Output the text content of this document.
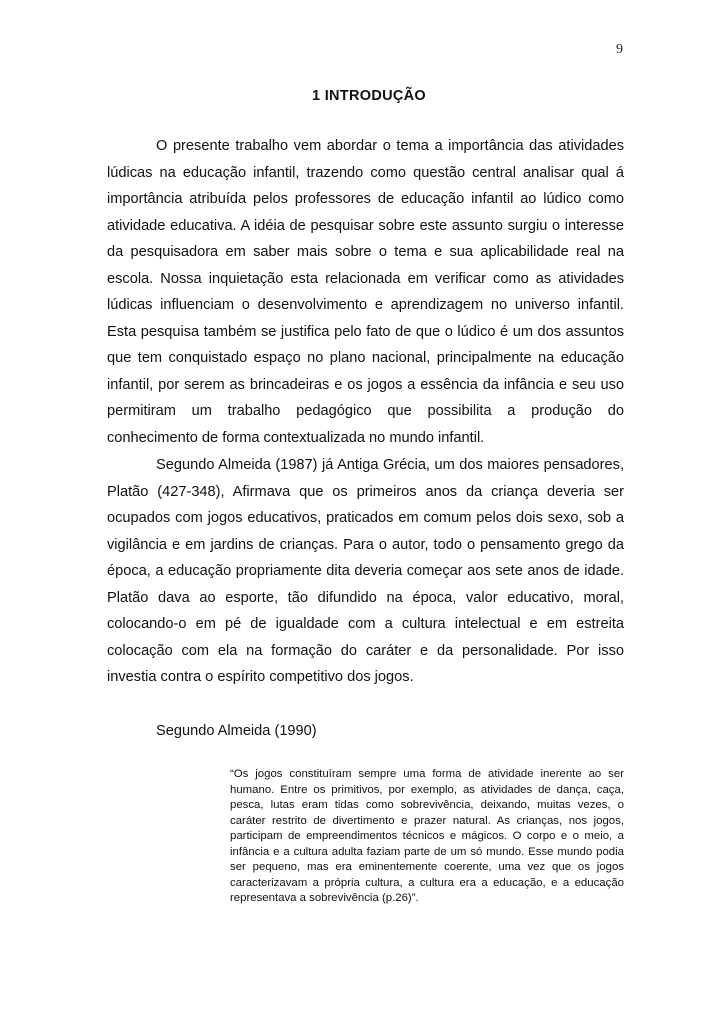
9
1 INTRODUÇÃO

O presente trabalho vem abordar o tema a importância das atividades lúdicas na educação infantil, trazendo como questão central analisar qual á importância atribuída pelos professores de educação infantil ao lúdico como atividade educativa. A idéia de pesquisar sobre este assunto surgiu o interesse da pesquisadora em saber mais sobre o tema e sua aplicabilidade real na escola. Nossa inquietação esta relacionada em verificar como as atividades lúdicas influenciam o desenvolvimento e aprendizagem no universo infantil. Esta pesquisa também se justifica pelo fato de que o lúdico é um dos assuntos que tem conquistado espaço no plano nacional, principalmente na educação infantil, por serem as brincadeiras e os jogos a essência da infância e seu uso permitiram um trabalho pedagógico que possibilita a produção do conhecimento de forma contextualizada no mundo infantil.

Segundo Almeida (1987) já Antiga Grécia, um dos maiores pensadores, Platão (427-348), Afirmava que os primeiros anos da criança deveria ser ocupados com jogos educativos, praticados em comum pelos dois sexo, sob a vigilância e em jardins de crianças. Para o autor, todo o pensamento grego da época, a educação propriamente dita deveria começar aos sete anos de idade. Platão dava ao esporte, tão difundido na época, valor educativo, moral, colocando-o em pé de igualdade com a cultura intelectual e em estreita colocação com ela na formação do caráter e da personalidade. Por isso investia contra o espírito competitivo dos jogos.

Segundo Almeida (1990)

“Os jogos constituíram sempre uma forma de atividade inerente ao ser humano. Entre os primitivos, por exemplo, as atividades de dança, caça, pesca, lutas eram tidas como sobrevivência, deixando, muitas vezes, o caráter restrito de divertimento e prazer natural. As crianças, nos jogos, participam de empreendimentos técnicos e mágicos. O corpo e o meio, a infância e a cultura adulta faziam parte de um só mundo. Esse mundo podia ser pequeno, mas era eminentemente coerente, uma vez que os jogos caracterizavam a própria cultura, a cultura era a educação, e a educação representava a sobrevivência (p.26)”.
